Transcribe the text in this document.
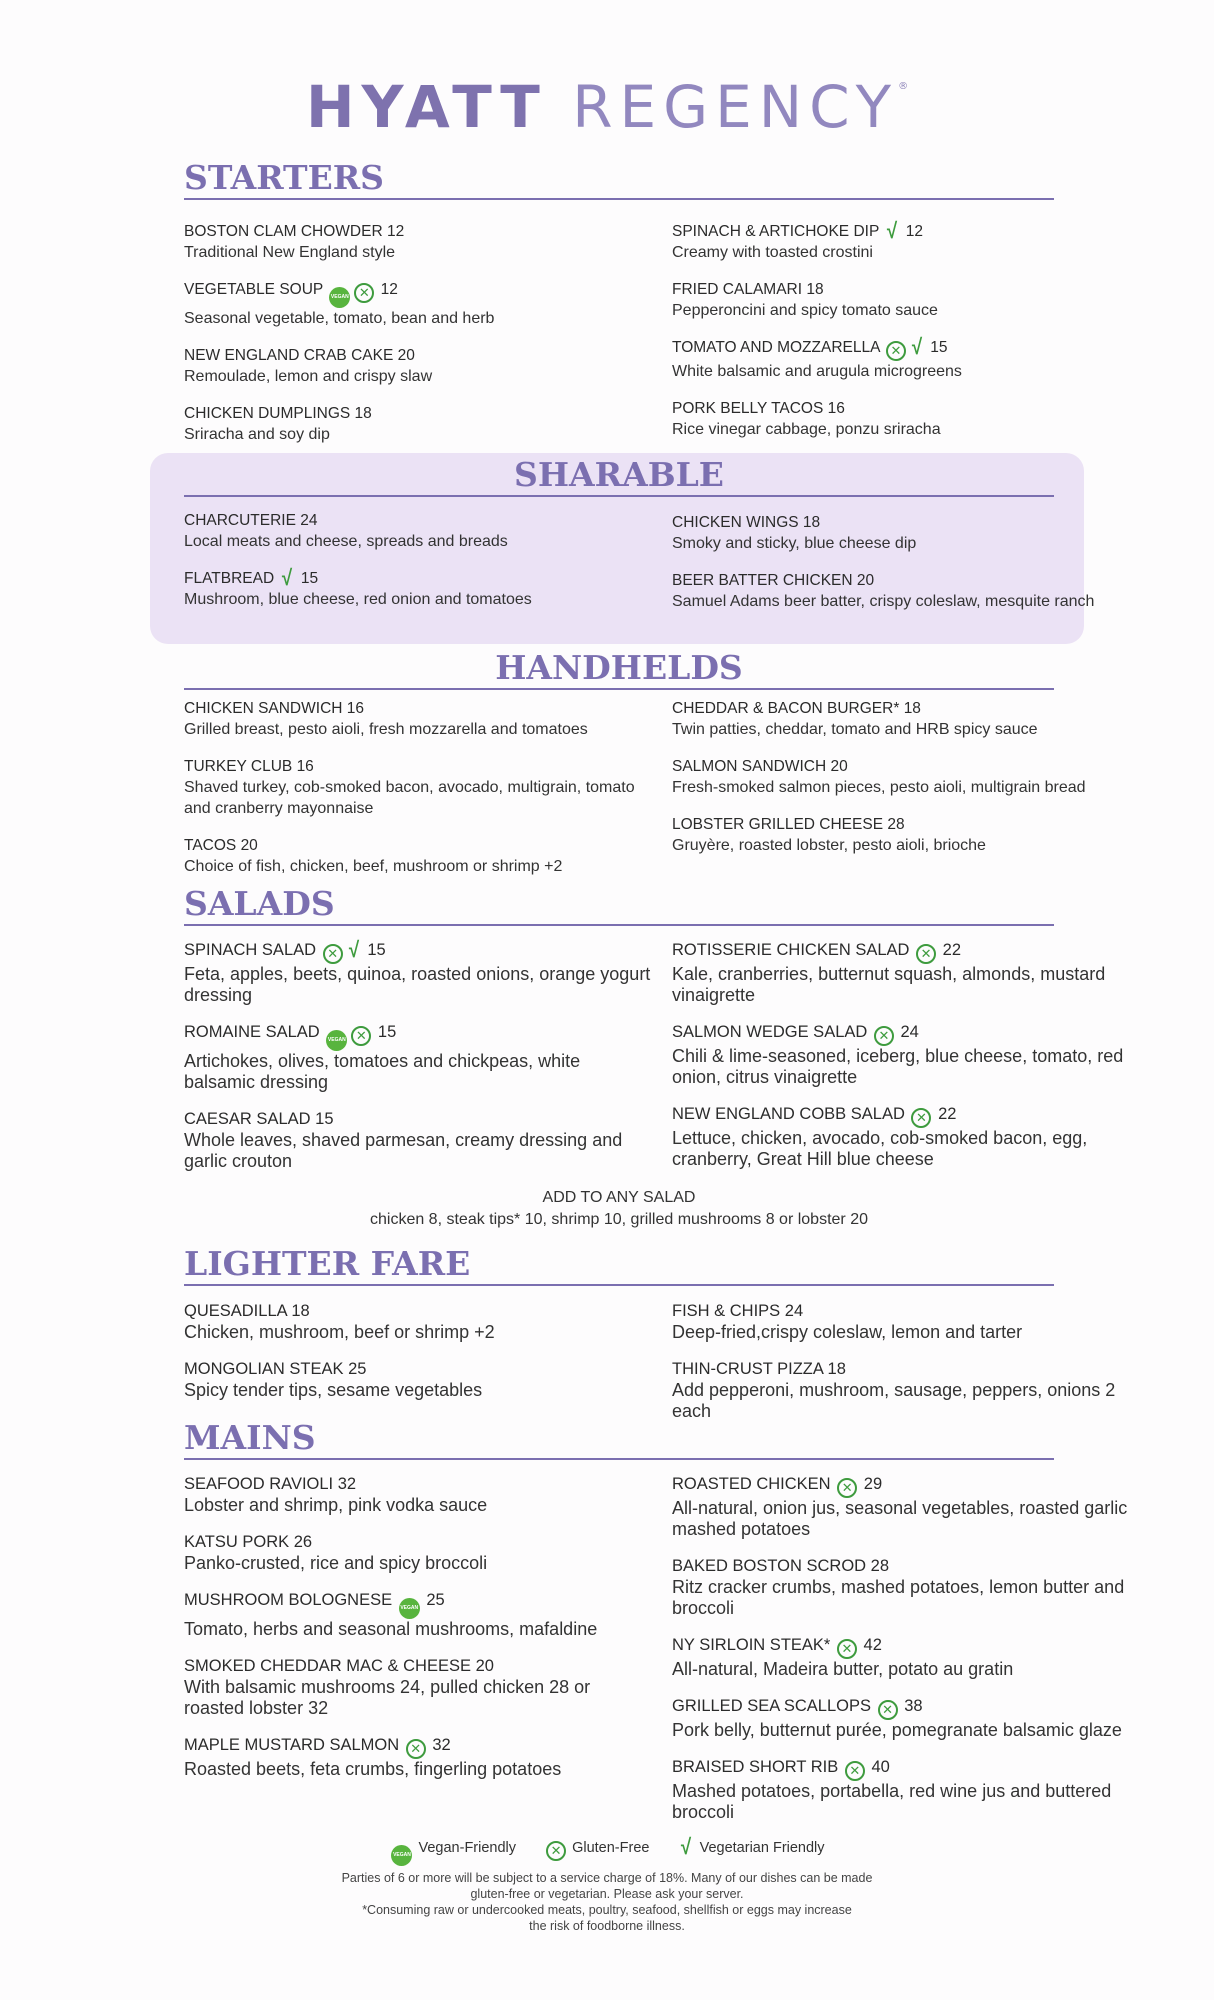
HYATT REGENCY®
STARTERS
BOSTON CLAM CHOWDER 12
Traditional New England style
VEGETABLE SOUP VEGAN ✕ 12
Seasonal vegetable, tomato, bean and herb
NEW ENGLAND CRAB CAKE 20
Remoulade, lemon and crispy slaw
CHICKEN DUMPLINGS 18
Sriracha and soy dip
SPINACH & ARTICHOKE DIP √ 12
Creamy with toasted crostini
FRIED CALAMARI 18
Pepperoncini and spicy tomato sauce
TOMATO AND MOZZARELLA ✕ √ 15
White balsamic and arugula microgreens
PORK BELLY TACOS 16
Rice vinegar cabbage, ponzu sriracha
SHARABLE
CHARCUTERIE 24
Local meats and cheese, spreads and breads
FLATBREAD √ 15
Mushroom, blue cheese, red onion and tomatoes
CHICKEN WINGS 18
Smoky and sticky, blue cheese dip
BEER BATTER CHICKEN 20
Samuel Adams beer batter, crispy coleslaw, mesquite ranch
HANDHELDS
CHICKEN SANDWICH 16
Grilled breast, pesto aioli, fresh mozzarella and tomatoes
TURKEY CLUB 16
Shaved turkey, cob-smoked bacon, avocado, multigrain, tomato and cranberry mayonnaise
TACOS 20
Choice of fish, chicken, beef, mushroom or shrimp +2
CHEDDAR & BACON BURGER* 18
Twin patties, cheddar, tomato and HRB spicy sauce
SALMON SANDWICH 20
Fresh-smoked salmon pieces, pesto aioli, multigrain bread
LOBSTER GRILLED CHEESE 28
Gruyère, roasted lobster, pesto aioli, brioche
SALADS
SPINACH SALAD ✕ √ 15
Feta, apples, beets, quinoa, roasted onions, orange yogurt dressing
ROMAINE SALAD VEGAN ✕ 15
Artichokes, olives, tomatoes and chickpeas, white balsamic dressing
CAESAR SALAD 15
Whole leaves, shaved parmesan, creamy dressing and garlic crouton
ROTISSERIE CHICKEN SALAD ✕ 22
Kale, cranberries, butternut squash, almonds, mustard vinaigrette
SALMON WEDGE SALAD ✕ 24
Chili & lime-seasoned, iceberg, blue cheese, tomato, red onion, citrus vinaigrette
NEW ENGLAND COBB SALAD ✕ 22
Lettuce, chicken, avocado, cob-smoked bacon, egg, cranberry, Great Hill blue cheese
ADD TO ANY SALAD
chicken 8, steak tips* 10, shrimp 10, grilled mushrooms 8 or lobster 20
LIGHTER FARE
QUESADILLA 18
Chicken, mushroom, beef or shrimp +2
MONGOLIAN STEAK 25
Spicy tender tips, sesame vegetables
FISH & CHIPS 24
Deep-fried,crispy coleslaw, lemon and tarter
THIN-CRUST PIZZA 18
Add pepperoni, mushroom, sausage, peppers, onions 2 each
MAINS
SEAFOOD RAVIOLI 32
Lobster and shrimp, pink vodka sauce
KATSU PORK 26
Panko-crusted, rice and spicy broccoli
MUSHROOM BOLOGNESE VEGAN 25
Tomato, herbs and seasonal mushrooms, mafaldine
SMOKED CHEDDAR MAC & CHEESE 20
With balsamic mushrooms 24, pulled chicken 28 or roasted lobster 32
MAPLE MUSTARD SALMON ✕ 32
Roasted beets, feta crumbs, fingerling potatoes
ROASTED CHICKEN ✕ 29
All-natural, onion jus, seasonal vegetables, roasted garlic mashed potatoes
BAKED BOSTON SCROD 28
Ritz cracker crumbs, mashed potatoes, lemon butter and broccoli
NY SIRLOIN STEAK* ✕ 42
All-natural, Madeira butter, potato au gratin
GRILLED SEA SCALLOPS ✕ 38
Pork belly, butternut purée, pomegranate balsamic glaze
BRAISED SHORT RIB ✕ 40
Mashed potatoes, portabella, red wine jus and buttered broccoli
VEGAN Vegan-Friendly	✕ Gluten-Free √ Vegetarian Friendly
Parties of 6 or more will be subject to a service charge of 18%. Many of our dishes can be made
gluten-free or vegetarian. Please ask your server.
*Consuming raw or undercooked meats, poultry, seafood, shellfish or eggs may increase
the risk of foodborne illness.
